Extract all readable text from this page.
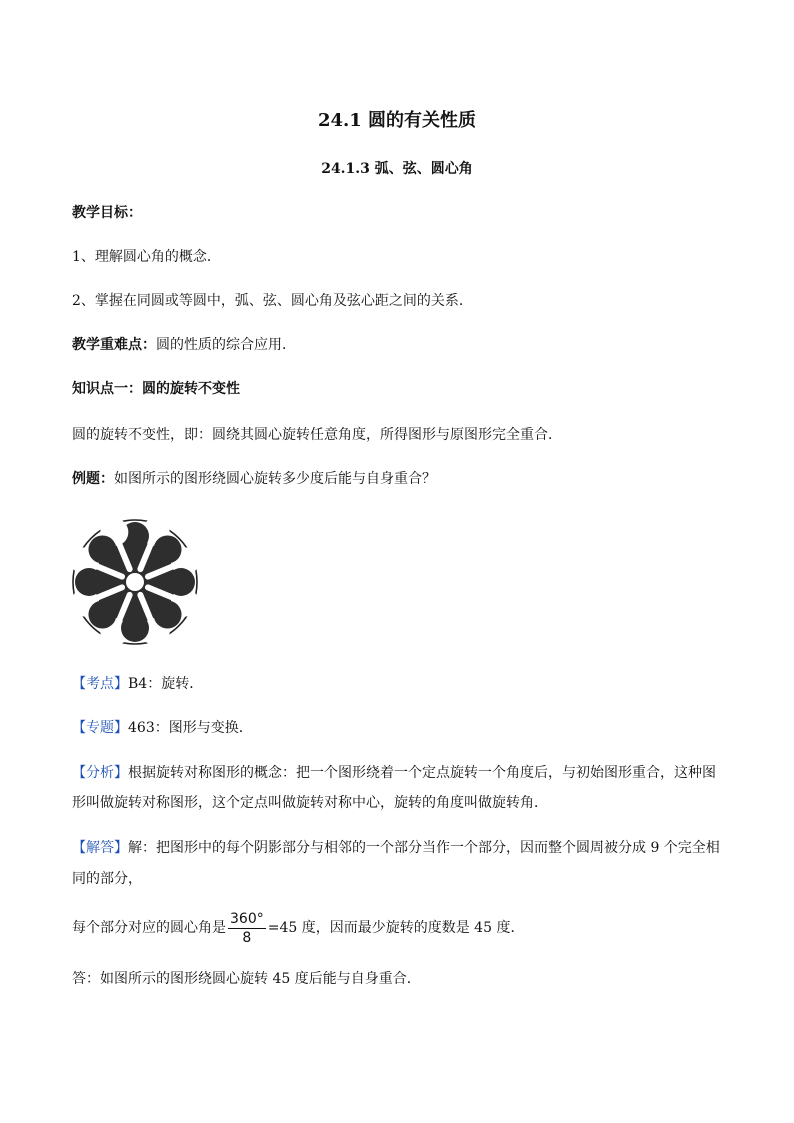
24.1 圆的有关性质
24.1.3 弧、弦、圆心角
教学目标：
1、理解圆心角的概念．
2、掌握在同圆或等圆中，弧、弦、圆心角及弦心距之间的关系．
教学重难点：圆的性质的综合应用．
知识点一：圆的旋转不变性
圆的旋转不变性，即：圆绕其圆心旋转任意角度，所得图形与原图形完全重合．
例题：如图所示的图形绕圆心旋转多少度后能与自身重合？
【考点】B4：旋转．
【专题】463：图形与变换．
【分析】根据旋转对称图形的概念：把一个图形绕着一个定点旋转一个角度后，与初始图形重合，这种图
形叫做旋转对称图形，这个定点叫做旋转对称中心，旋转的角度叫做旋转角．
【解答】解：把图形中的每个阴影部分与相邻的一个部分当作一个部分，因而整个圆周被分成 9 个完全相
同的部分，
每个部分对应的圆心角是 $\frac{360^\circ}{8} =45$ 度，因而最少旋转的度数是 45 度．
答：如图所示的图形绕圆心旋转 45 度后能与自身重合．
